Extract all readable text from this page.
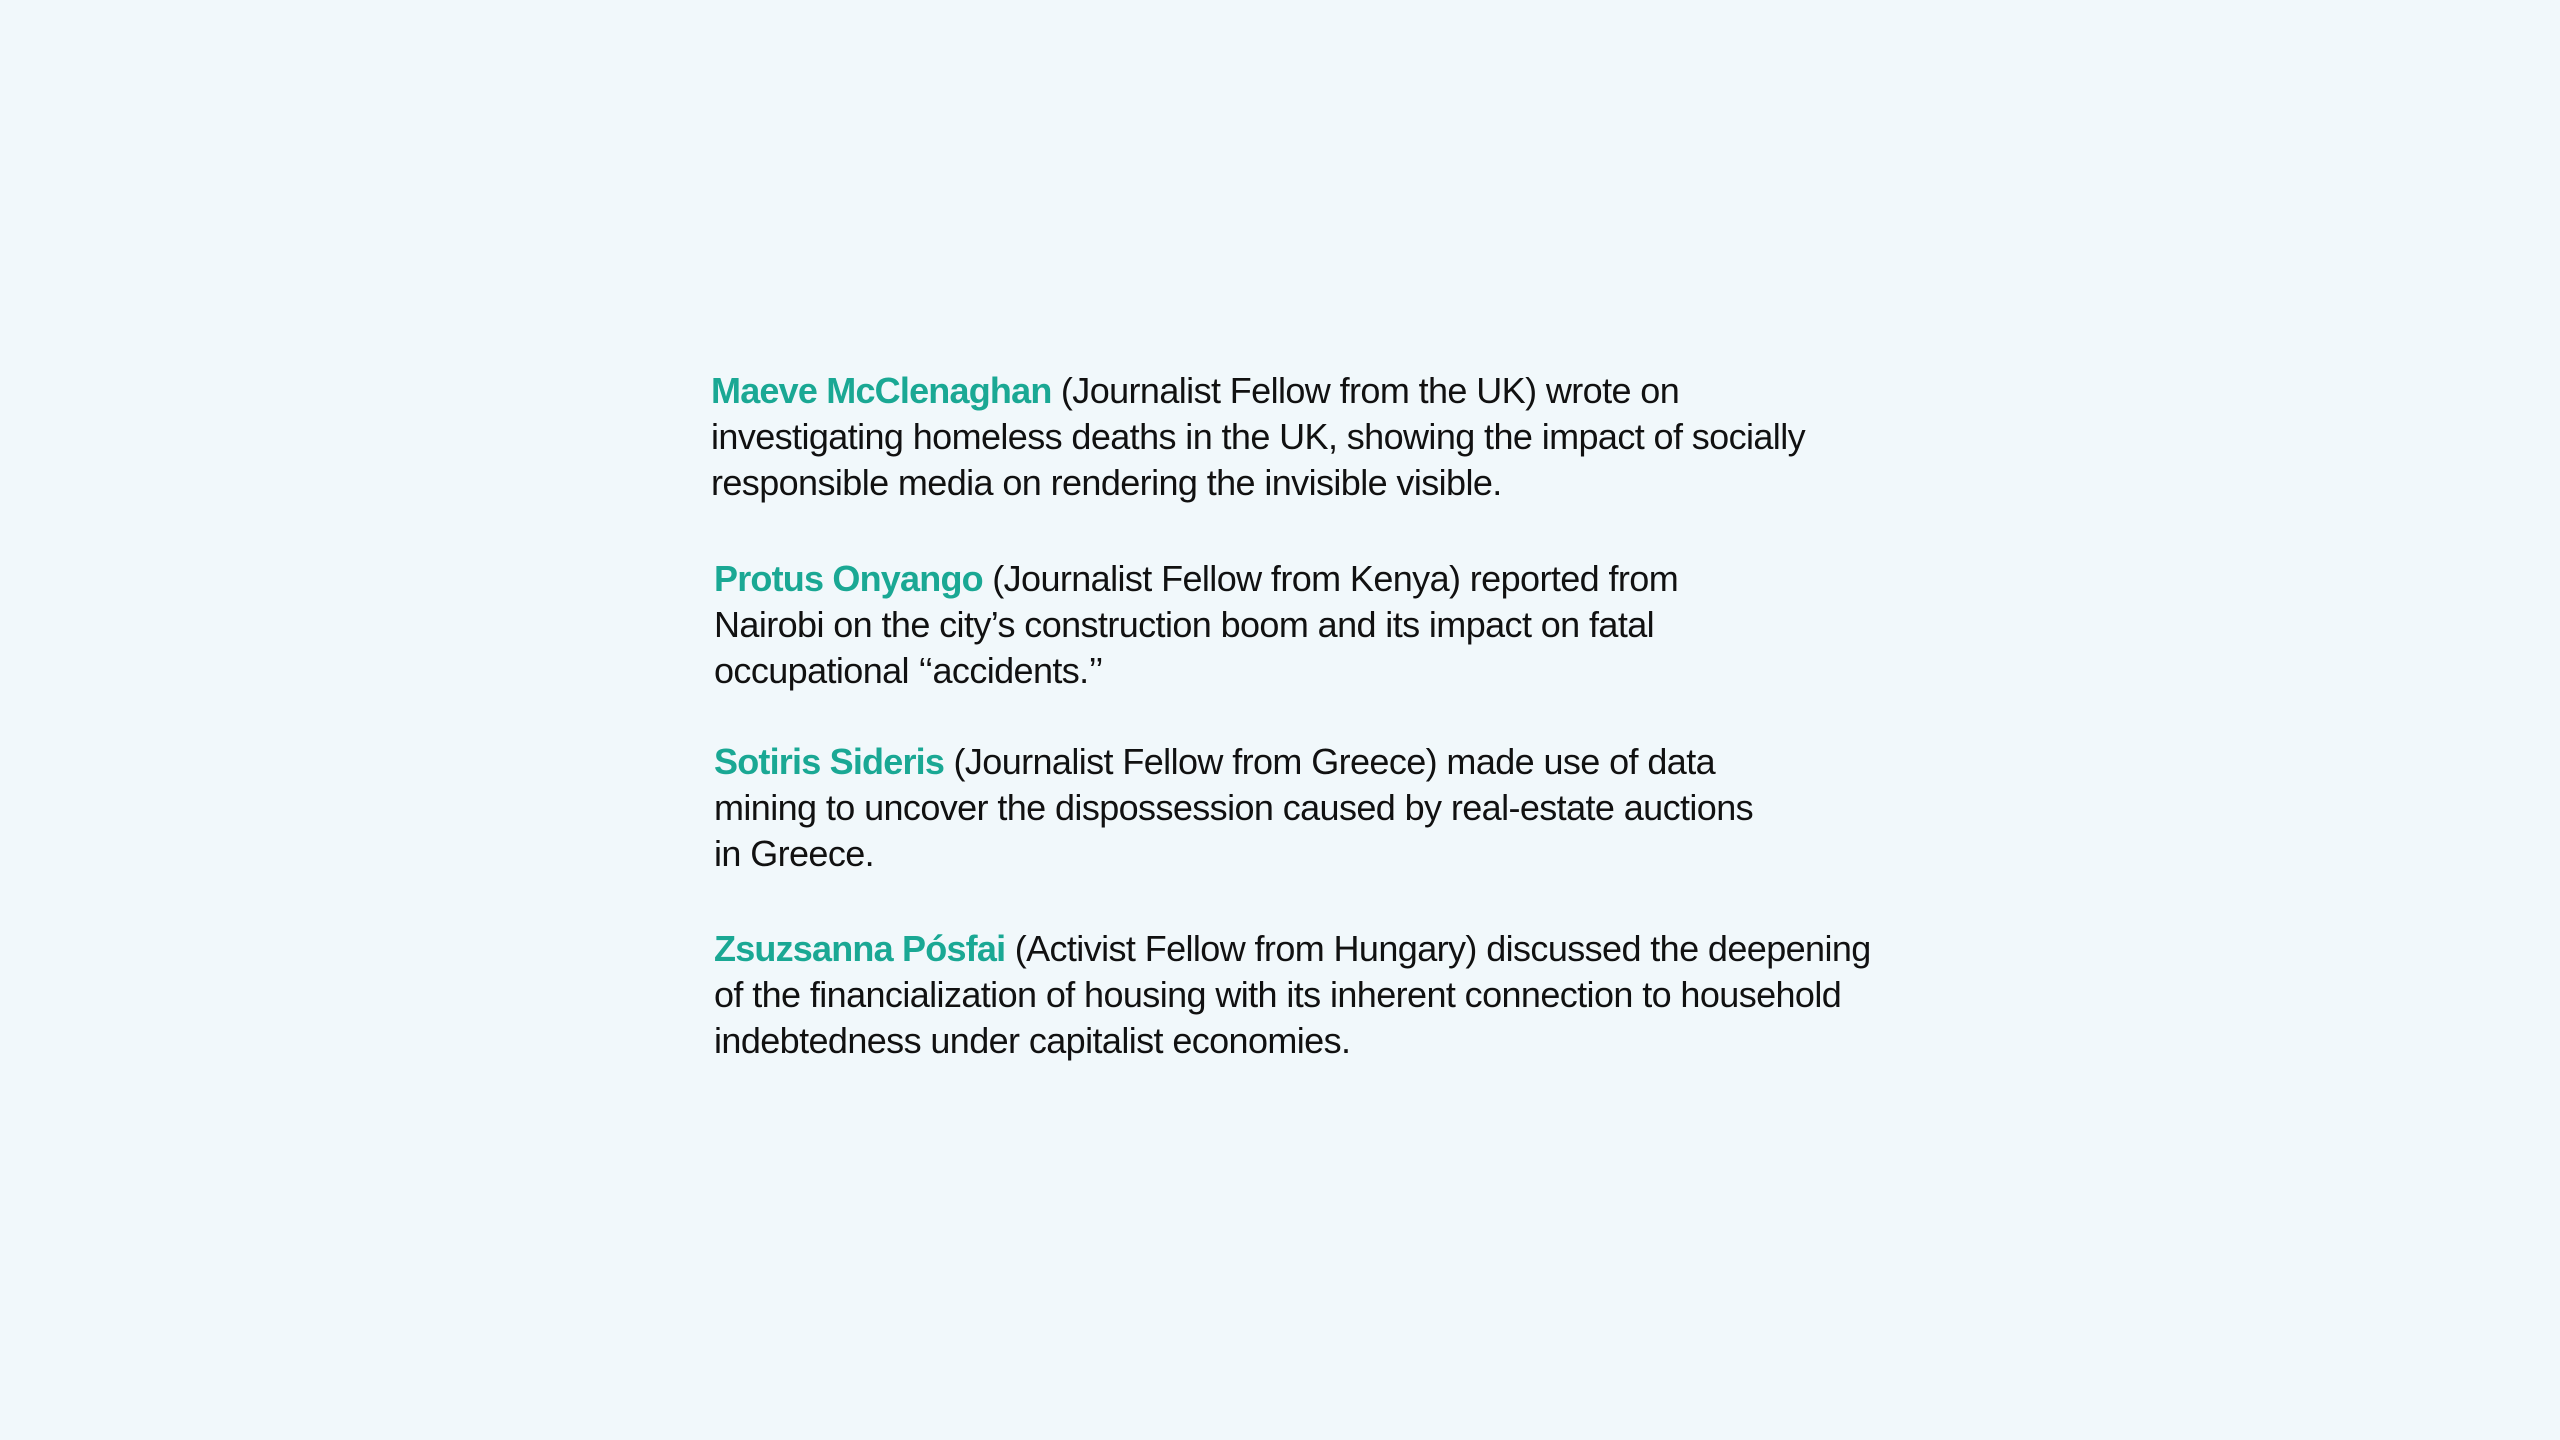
Maeve McClenaghan (Journalist Fellow from the UK) wrote on
investigating homeless deaths in the UK, showing the impact of socially
responsible media on rendering the invisible visible.

Protus Onyango (Journalist Fellow from Kenya) reported from
Nairobi on the city’s construction boom and its impact on fatal
occupational ‘‘accidents.’’

Sotiris Sideris (Journalist Fellow from Greece) made use of data
mining to uncover the dispossession caused by real-estate auctions
in Greece.

Zsuzsanna Pósfai (Activist Fellow from Hungary) discussed the deepening
of the financialization of housing with its inherent connection to household
indebtedness under capitalist economies.
